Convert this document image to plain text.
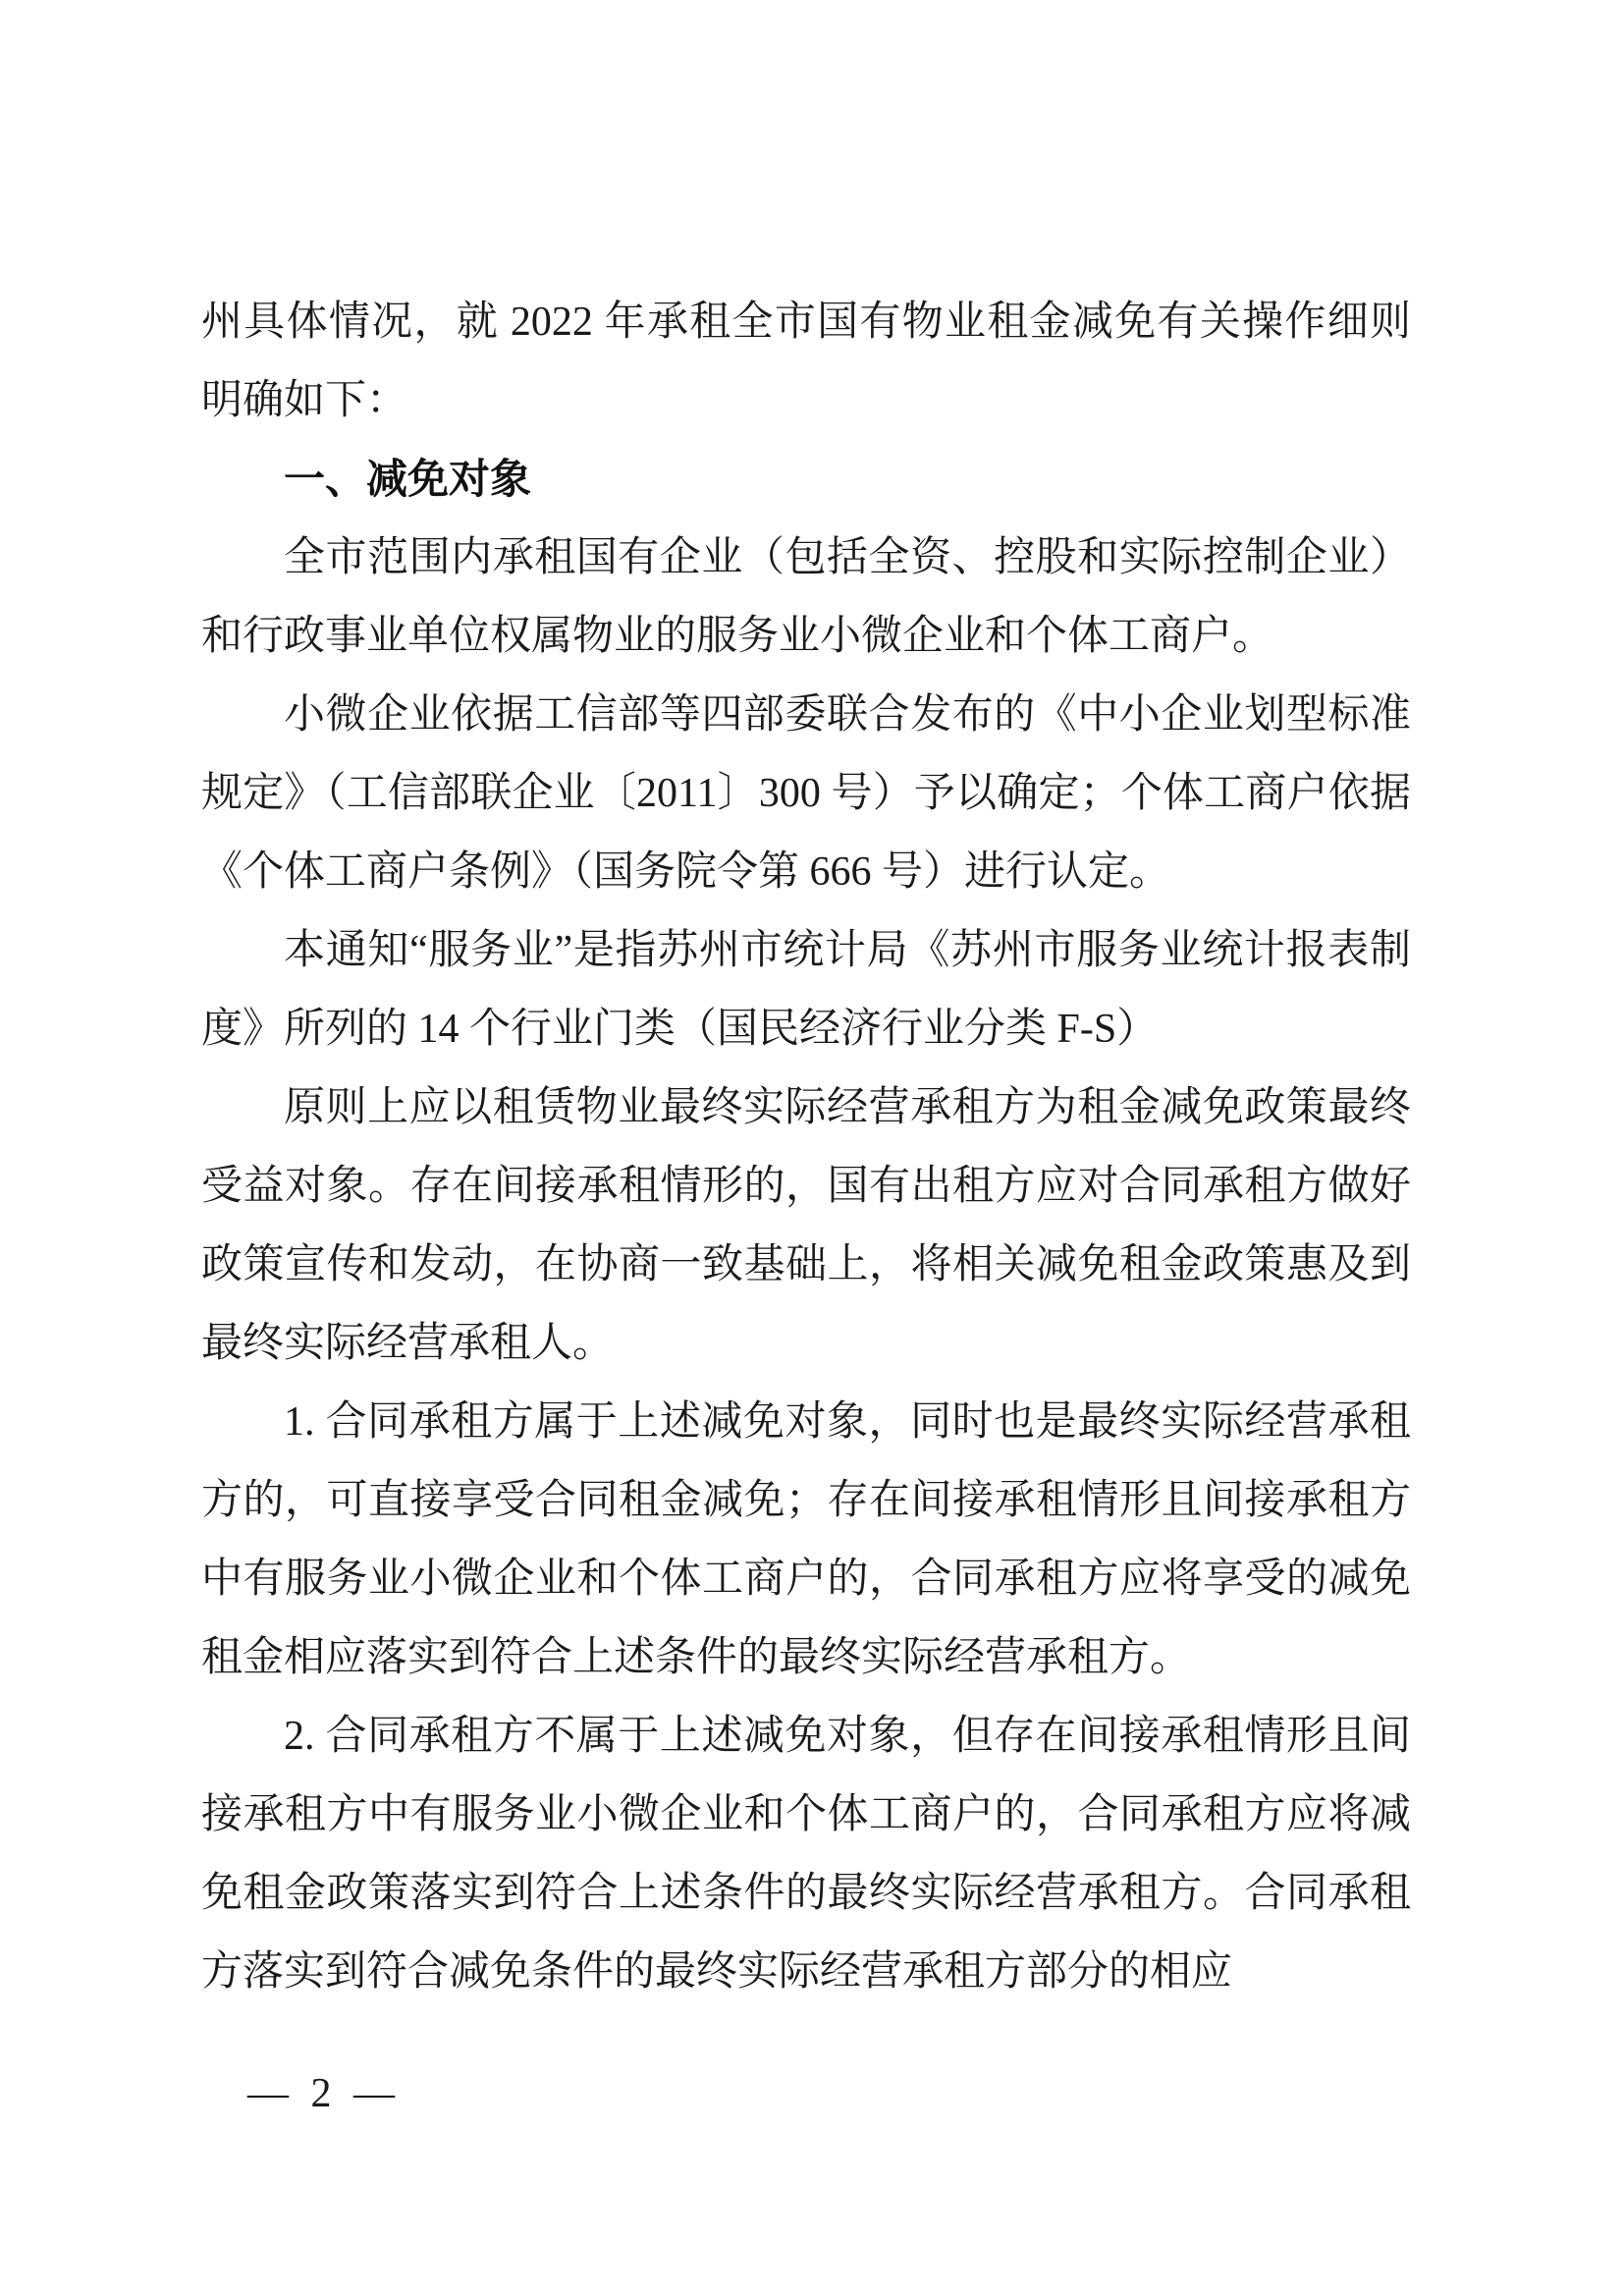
州具体情况，就 2022 年承租全市国有物业租金减免有关操作细则明确如下：

一、减免对象

全市范围内承租国有企业（包括全资、控股和实际控制企业）和行政事业单位权属物业的服务业小微企业和个体工商户。

小微企业依据工信部等四部委联合发布的《中小企业划型标准规定》（工信部联企业〔2011〕300 号）予以确定；个体工商户依据《个体工商户条例》（国务院令第 666 号）进行认定。

本通知“服务业”是指苏州市统计局《苏州市服务业统计报表制度》所列的 14 个行业门类（国民经济行业分类 F-S）

原则上应以租赁物业最终实际经营承租方为租金减免政策最终受益对象。存在间接承租情形的，国有出租方应对合同承租方做好政策宣传和发动，在协商一致基础上，将相关减免租金政策惠及到最终实际经营承租人。

1. 合同承租方属于上述减免对象，同时也是最终实际经营承租方的，可直接享受合同租金减免；存在间接承租情形且间接承租方中有服务业小微企业和个体工商户的，合同承租方应将享受的减免租金相应落实到符合上述条件的最终实际经营承租方。

2. 合同承租方不属于上述减免对象，但存在间接承租情形且间接承租方中有服务业小微企业和个体工商户的，合同承租方应将减免租金政策落实到符合上述条件的最终实际经营承租方。合同承租方落实到符合减免条件的最终实际经营承租方部分的相应

— 2 —
